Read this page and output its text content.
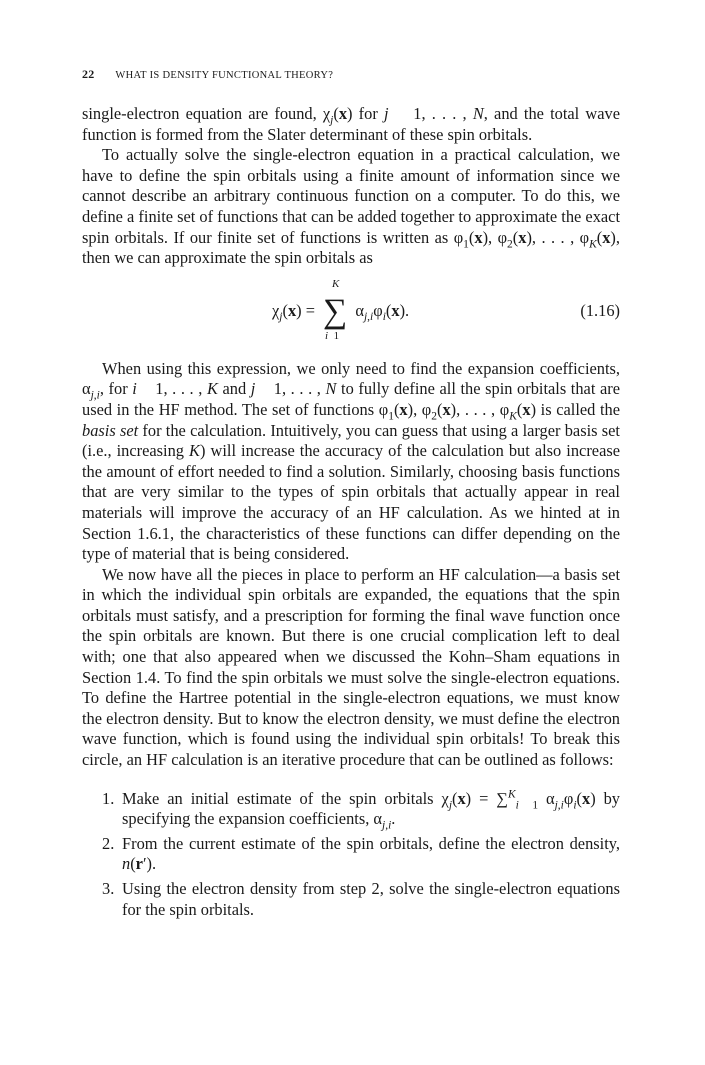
22 WHAT IS DENSITY FUNCTIONAL THEORY?

single-electron equation are found, $\chi_j(x)$ for j    1, . . . , N, and the total wave function is formed from the Slater determinant of these spin orbitals.

To actually solve the single-electron equation in a practical calculation, we have to define the spin orbitals using a finite amount of information since we cannot describe an arbitrary continuous function on a computer. To do this, we define a finite set of functions that can be added together to approximate the exact spin orbitals. If our finite set of functions is written as $\varphi_1(x)$, $\varphi_2(x)$, . . . , $\varphi_K(x)$, then we can approximate the spin orbitals as

$\chi_j(x)$ = ∑
K
i  1
$\alpha_{j,i}\varphi_i(x)$.	(1.16)

When using this expression, we only need to find the expansion coefficients, $\alpha_{j,i}$, for i    1, . . . , K and j    1, . . . , N to fully define all the spin orbitals that are used in the HF method. The set of functions $\varphi_1(x)$, $\varphi_2(x)$, . . . , $\varphi_K(x)$ is called the basis set for the calculation. Intuitively, you can guess that using a larger basis set (i.e., increasing K) will increase the accuracy of the calculation but also increase the amount of effort needed to find a solution. Similarly, choosing basis functions that are very similar to the types of spin orbitals that actually appear in real materials will improve the accuracy of an HF calculation. As we hinted at in Section 1.6.1, the characteristics of these functions can differ depending on the type of material that is being considered.

We now have all the pieces in place to perform an HF calculation—a basis set in which the individual spin orbitals are expanded, the equations that the spin orbitals must satisfy, and a prescription for forming the final wave function once the spin orbitals are known. But there is one crucial complication left to deal with; one that also appeared when we discussed the Kohn–Sham equations in Section 1.4. To find the spin orbitals we must solve the single-electron equations. To define the Hartree potential in the single-electron equations, we must know the electron density. But to know the electron density, we must define the electron wave function, which is found using the individual spin orbitals! To break this circle, an HF calculation is an iterative procedure that can be outlined as follows:

1. Make an initial estimate of the spin orbitals $\chi_j(x) = \sum^K_{i 1}$ $\alpha_{j,i}\varphi_i(x)$ by specifying the expansion coefficients, $\alpha_{j,i}$.
2. From the current estimate of the spin orbitals, define the electron density, n(r′).
3. Using the electron density from step 2, solve the single-electron equations for the spin orbitals.
